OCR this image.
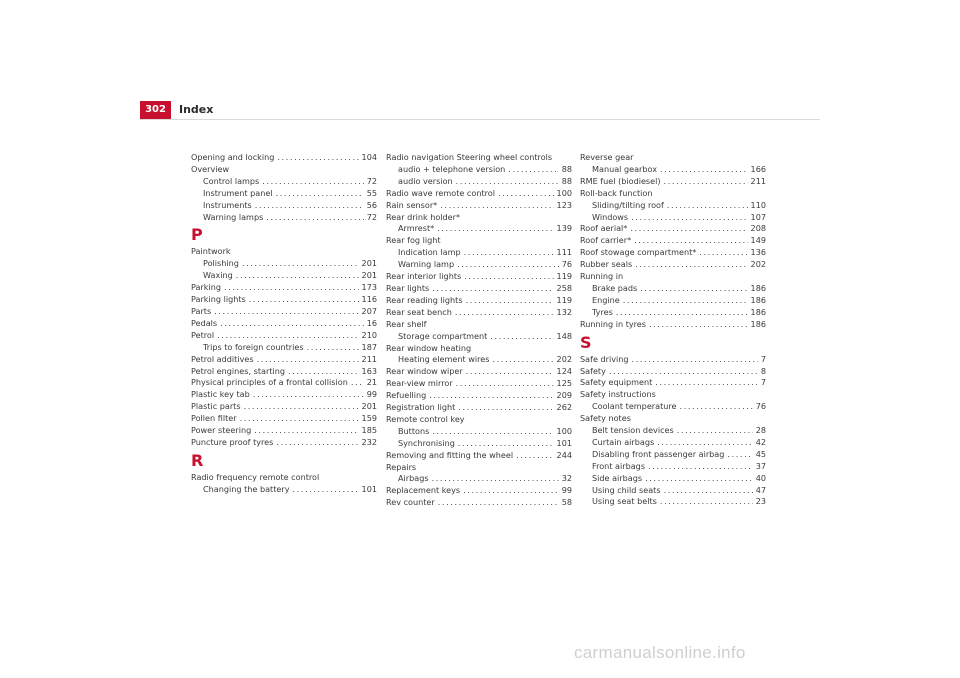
302	Index
Opening and locking .....	104
Overview
Control lamps .....	72
Instrument panel .....	55
Instruments .....	56
Warning lamps .....	72
P
Paintwork
Polishing .....	201
Waxing .....	201
Parking .....	173
Parking lights .....	116
Parts .....	207
Pedals .....	16
Petrol .....	210
Trips to foreign countries .....	187
Petrol additives .....	211
Petrol engines, starting .....	163
Physical principles of a frontal collision ..... 21
Plastic key tab .....	99
Plastic parts .....	201
Pollen filter .....	159
Power steering .....	185
Puncture proof tyres .....	232
R
Radio frequency remote control
Changing the battery .....	101
Radio navigation Steering wheel controls
audio + telephone version .....	88
audio version .....	88
Radio wave remote control .....	100
Rain sensor* .....	123
Rear drink holder*
Armrest* .....	139
Rear fog light
Indication lamp .....	111
Warning lamp .....	76
Rear interior lights .....	119
Rear lights .....	258
Rear reading lights .....	119
Rear seat bench .....	132
Rear shelf
Storage compartment .....	148
Rear window heating
Heating element wires .....	202
Rear window wiper .....	124
Rear-view mirror .....	125
Refuelling .....	209
Registration light .....	262
Remote control key
Buttons .....	100
Synchronising .....	101
Removing and fitting the wheel .....	244
Repairs
Airbags .....	32
Replacement keys .....	99
Rev counter .....	58
Reverse gear
Manual gearbox .....	166
RME fuel (biodiesel) .....	211
Roll-back function
Sliding/tilting roof .....	110
Windows .....	107
Roof aerial* .....	208
Roof carrier* .....	149
Roof stowage compartment* .....	136
Rubber seals .....	202
Running in
Brake pads .....	186
Engine .....	186
Tyres .....	186
Running in tyres .....	186
S
Safe driving .....	7
Safety .....	8
Safety equipment .....	7
Safety instructions
Coolant temperature .....	76
Safety notes
Belt tension devices .....	28
Curtain airbags .....	42
Disabling front passenger airbag .....	45
Front airbags .....	37
Side airbags .....	40
Using child seats .....	47
Using seat belts .....	23
carmanualsonline.info
